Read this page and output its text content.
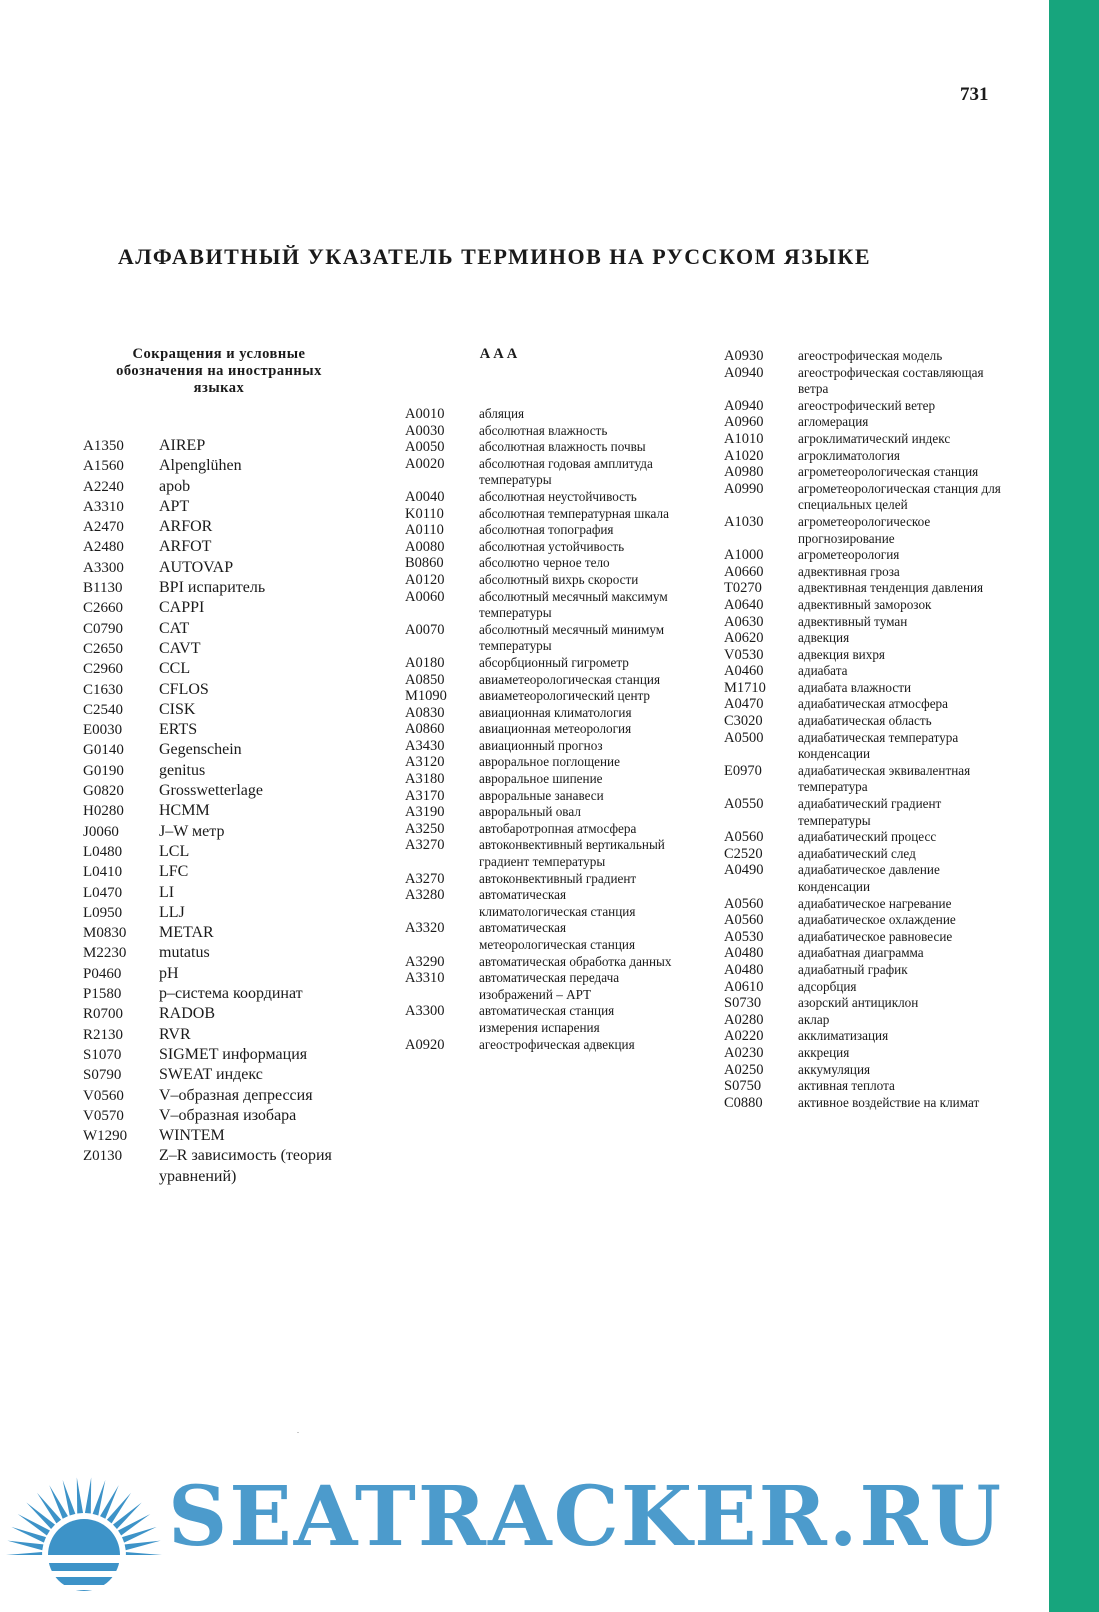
731
АЛФАВИТНЫЙ УКАЗАТЕЛЬ ТЕРМИНОВ НА РУССКОМ ЯЗЫКЕ
Сокращения и условные
обозначения на иностранных
языках
ААА
A1350	AIREP
A1560	Alpenglühen
A2240	apob
A3310	APT
A2470	ARFOR
A2480	ARFOT
A3300	AUTOVAP
B1130	BPI испаритель
C2660	CAPPI
C0790	CAT
C2650	CAVT
C2960	CCL
C1630	CFLOS
C2540	CISK
E0030	ERTS
G0140	Gegenschein
G0190	genitus
G0820	Grosswetterlage
H0280	HCMM
J0060	J–W метр
L0480	LCL
L0410	LFC
L0470	LI
L0950	LLJ
M0830	METAR
M2230	mutatus
P0460	pH
P1580	p–система координат
R0700	RADOB
R2130	RVR
S1070	SIGMET информация
S0790	SWEAT индекс
V0560	V–образная депрессия
V0570	V–образная изобара
W1290	WINTEM
Z0130	Z–R зависимость (теория уравнений)
A0010	абляция
A0030	абсолютная влажность
A0050	абсолютная влажность почвы
A0020	абсолютная годовая амплитуда температуры
A0040	абсолютная неустойчивость
K0110	абсолютная температурная шкала
A0110	абсолютная топография
A0080	абсолютная устойчивость
B0860	абсолютно черное тело
A0120	абсолютный вихрь скорости
A0060	абсолютный месячный максимум температуры
A0070	абсолютный месячный минимум температуры
A0180	абсорбционный гигрометр
A0850	авиаметеорологическая станция
M1090	авиаметеорологический центр
A0830	авиационная климатология
A0860	авиационная метеорология
A3430	авиационный прогноз
A3120	авроральное поглощение
A3180	авроральное шипение
A3170	авроральные занавеси
A3190	авроральный овал
A3250	автобаротропная атмосфера
A3270	автоконвективный вертикальный градиент температуры
A3270	автоконвективный градиент
A3280	автоматическая климатологическая станция
A3320	автоматическая метеорологическая станция
A3290	автоматическая обработка данных
A3310	автоматическая передача изображений – APT
A3300	автоматическая станция измерения испарения
A0920	агеострофическая адвекция
A0930	агеострофическая модель
A0940	агеострофическая составляющая ветра
A0940	агеострофический ветер
A0960	агломерация
A1010	агроклиматический индекс
A1020	агроклиматология
A0980	агрометеорологическая станция
A0990	агрометеорологическая станция для специальных целей
A1030	агрометеорологическое прогнозирование
A1000	агрометеорология
A0660	адвективная гроза
T0270	адвективная тенденция давления
A0640	адвективный заморозок
A0630	адвективный туман
A0620	адвекция
V0530	адвекция вихря
A0460	адиабата
M1710	адиабата влажности
A0470	адиабатическая атмосфера
C3020	адиабатическая область
A0500	адиабатическая температура конденсации
E0970	адиабатическая эквивалентная температура
A0550	адиабатический градиент температуры
A0560	адиабатический процесс
C2520	адиабатический след
A0490	адиабатическое давление конденсации
A0560	адиабатическое нагревание
A0560	адиабатическое охлаждение
A0530	адиабатическое равновесие
A0480	адиабатная диаграмма
A0480	адиабатный график
A0610	адсорбция
S0730	азорский антициклон
A0280	аклар
A0220	акклиматизация
A0230	аккреция
A0250	аккумуляция
S0750	активная теплота
C0880	активное воздействие на климат
.
SEATRACKER.RU
